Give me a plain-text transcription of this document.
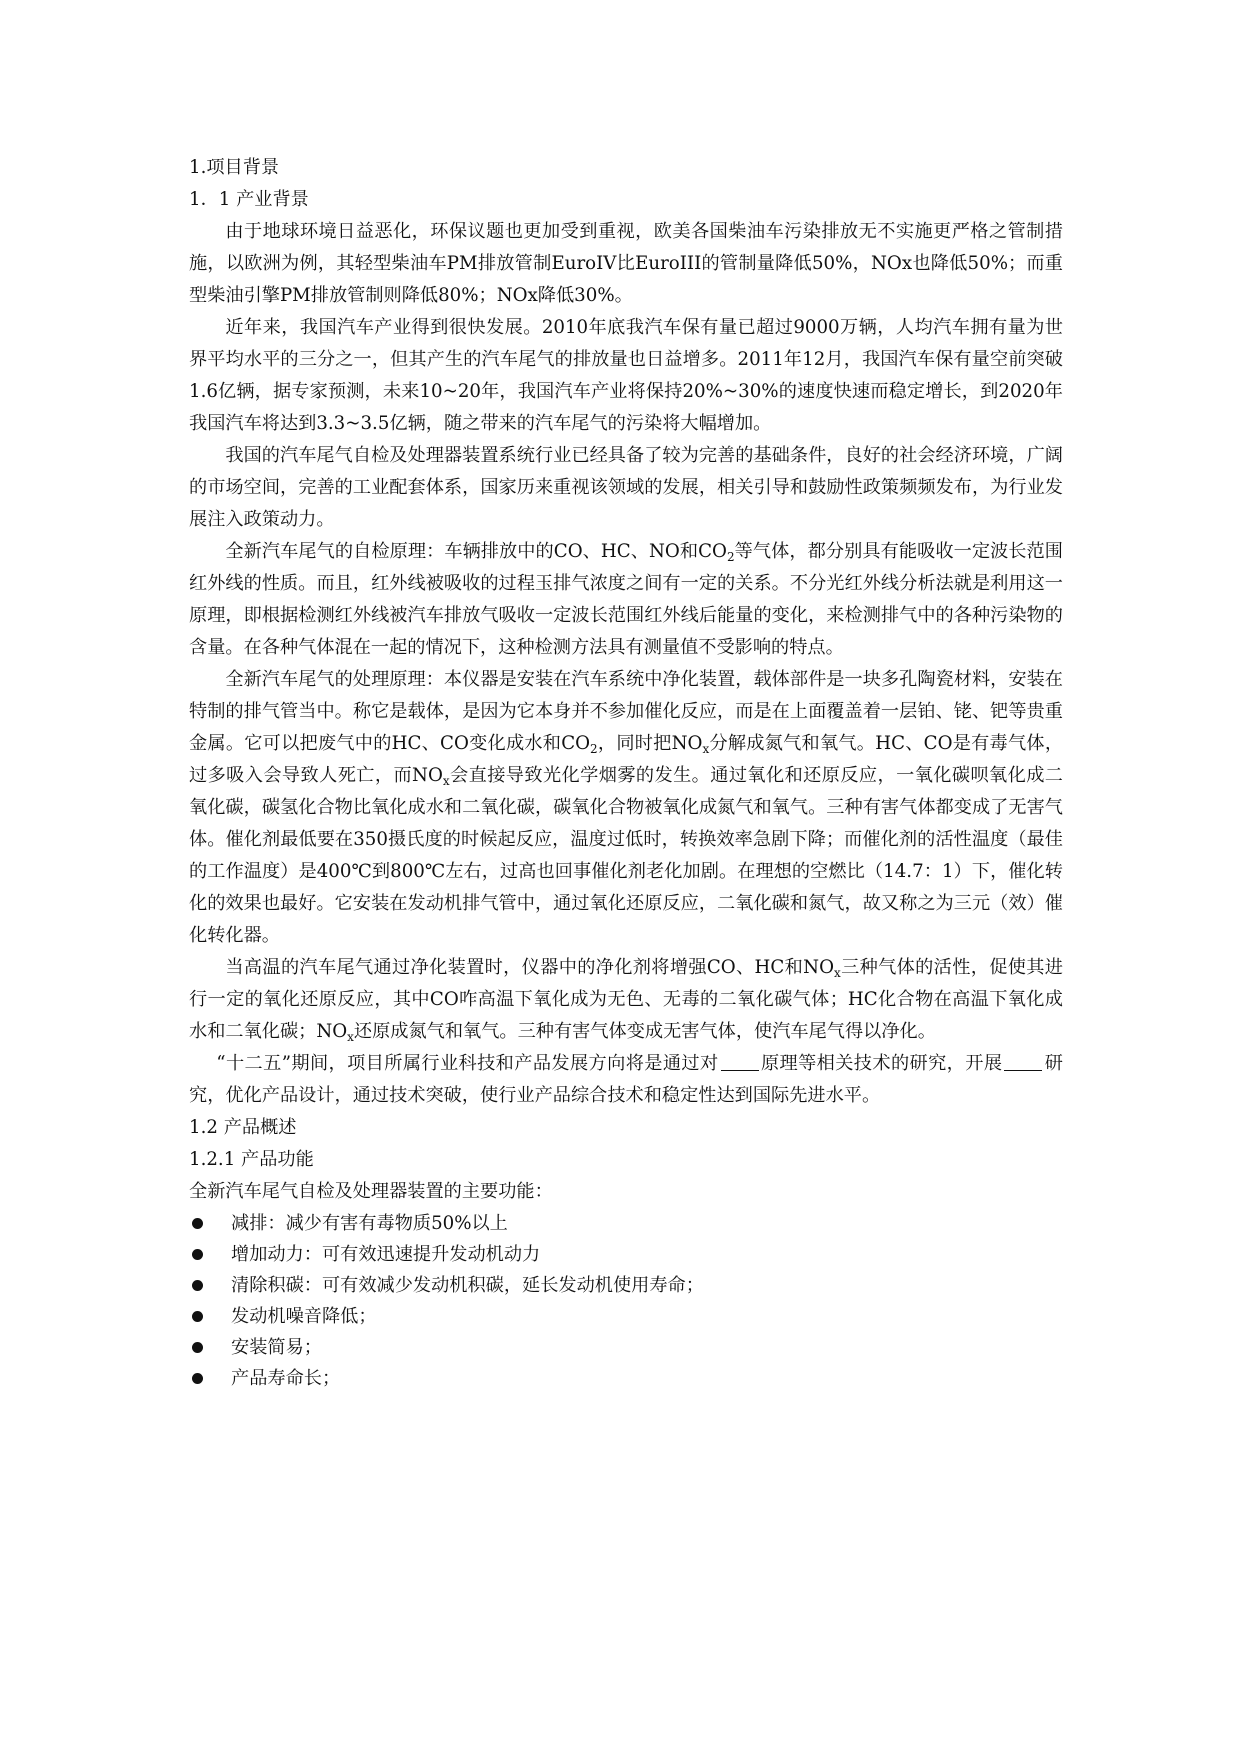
1.项目背景

1．1 产业背景

由于地球环境日益恶化，环保议题也更加受到重视，欧美各国柴油车污染排放无不实施更严格之管制措施，以欧洲为例，其轻型柴油车PM排放管制EuroIV比EuroIII的管制量降低50%，NOx也降低50%；而重型柴油引擎PM排放管制则降低80%；NOx降低30%。

近年来，我国汽车产业得到很快发展。2010年底我汽车保有量已超过9000万辆，人均汽车拥有量为世界平均水平的三分之一，但其产生的汽车尾气的排放量也日益增多。2011年12月，我国汽车保有量空前突破1.6亿辆，据专家预测，未来10~20年，我国汽车产业将保持20%~30%的速度快速而稳定增长，到2020年我国汽车将达到3.3~3.5亿辆，随之带来的汽车尾气的污染将大幅增加。

我国的汽车尾气自检及处理器装置系统行业已经具备了较为完善的基础条件，良好的社会经济环境，广阔的市场空间，完善的工业配套体系，国家历来重视该领域的发展，相关引导和鼓励性政策频频发布，为行业发展注入政策动力。

全新汽车尾气的自检原理：车辆排放中的CO、HC、NO和$CO_2$等气体，都分别具有能吸收一定波长范围红外线的性质。而且，红外线被吸收的过程玉排气浓度之间有一定的关系。不分光红外线分析法就是利用这一原理，即根据检测红外线被汽车排放气吸收一定波长范围红外线后能量的变化，来检测排气中的各种污染物的含量。在各种气体混在一起的情况下，这种检测方法具有测量值不受影响的特点。

全新汽车尾气的处理原理：本仪器是安装在汽车系统中净化装置，载体部件是一块多孔陶瓷材料，安装在特制的排气管当中。称它是载体，是因为它本身并不参加催化反应，而是在上面覆盖着一层铂、铑、钯等贵重金属。它可以把废气中的HC、CO变化成水和$CO_2$，同时把$NO_x$分解成氮气和氧气。HC、CO是有毒气体，过多吸入会导致人死亡，而$NO_x$会直接导致光化学烟雾的发生。通过氧化和还原反应，一氧化碳呗氧化成二氧化碳，碳氢化合物比氧化成水和二氧化碳，碳氧化合物被氧化成氮气和氧气。三种有害气体都变成了无害气体。催化剂最低要在350摄氏度的时候起反应，温度过低时，转换效率急剧下降；而催化剂的活性温度（最佳的工作温度）是400℃到800℃左右，过高也回事催化剂老化加剧。在理想的空燃比（14.7：1）下，催化转化的效果也最好。它安装在发动机排气管中，通过氧化还原反应，二氧化碳和氮气，故又称之为三元（效）催化转化器。

当高温的汽车尾气通过净化装置时，仪器中的净化剂将增强CO、HC和$NO_x$三种气体的活性，促使其进行一定的氧化还原反应，其中CO咋高温下氧化成为无色、无毒的二氧化碳气体；HC化合物在高温下氧化成水和二氧化碳；$NO_x$还原成氮气和氧气。三种有害气体变成无害气体，使汽车尾气得以净化。

“十二五”期间，项目所属行业科技和产品发展方向将是通过对 原理等相关技术的研究，开展 研究，优化产品设计，通过技术突破，使行业产品综合技术和稳定性达到国际先进水平。

1.2 产品概述

1.2.1 产品功能

全新汽车尾气自检及处理器装置的主要功能：

减排：减少有害有毒物质50%以上
增加动力：可有效迅速提升发动机动力
清除积碳：可有效减少发动机积碳，延长发动机使用寿命；
发动机噪音降低；
安装简易；
产品寿命长；
